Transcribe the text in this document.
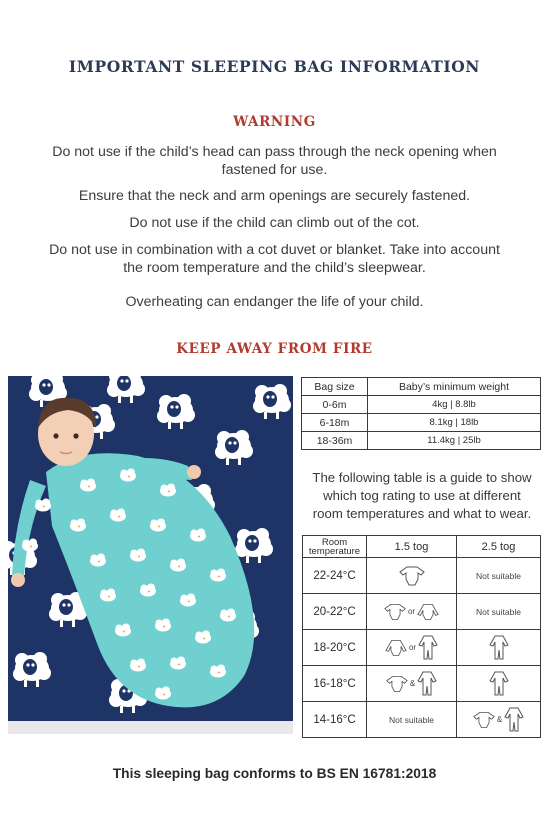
IMPORTANT SLEEPING BAG INFORMATION
WARNING
Do not use if the child’s head can pass through the neck opening when
fastened for use.
Ensure that the neck and arm openings are securely fastened.
Do not use if the child can climb out of the cot.
Do not use in combination with a cot duvet or blanket. Take into account
the room temperature and the child’s sleepwear.
Overheating can endanger the life of your child.
KEEP AWAY FROM FIRE
Bag size	Baby’s minimum weight
0-6m	4kg | 8.8lb
6-18m	8.1kg | 18lb
18-36m	11.4kg | 25lb
The following table is a guide to show
which tog rating to use at different
room temperatures and what to wear.
Room
temperature	1.5 tog	2.5 tog
22-24°C		Not suitable
20-22°C	or	Not suitable
18-20°C	or	
16-18°C	&	
14-16°C	Not suitable	&
This sleeping bag conforms to BS EN 16781:2018
